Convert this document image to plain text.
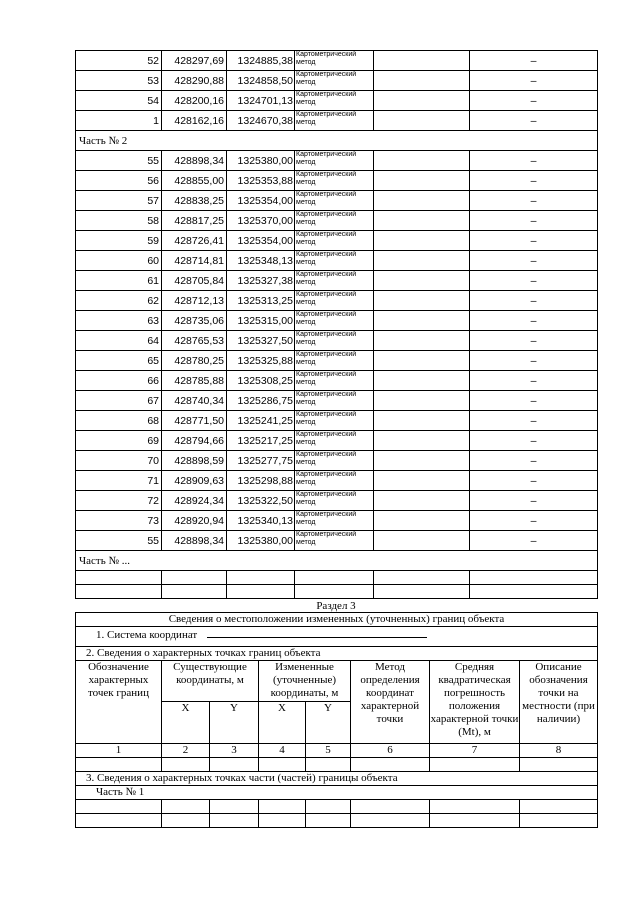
52	428297,69	1324885,38	Картометрический метод		–
53	428290,88	1324858,50	Картометрический метод		–
54	428200,16	1324701,13	Картометрический метод		–
1	428162,16	1324670,38	Картометрический метод		–
Часть № 2					
55	428898,34	1325380,00	Картометрический метод		–
56	428855,00	1325353,88	Картометрический метод		–
57	428838,25	1325354,00	Картометрический метод		–
58	428817,25	1325370,00	Картометрический метод		–
59	428726,41	1325354,00	Картометрический метод		–
60	428714,81	1325348,13	Картометрический метод		–
61	428705,84	1325327,38	Картометрический метод		–
62	428712,13	1325313,25	Картометрический метод		–
63	428735,06	1325315,00	Картометрический метод		–
64	428765,53	1325327,50	Картометрический метод		–
65	428780,25	1325325,88	Картометрический метод		–
66	428785,88	1325308,25	Картометрический метод		–
67	428740,34	1325286,75	Картометрический метод		–
68	428771,50	1325241,25	Картометрический метод		–
69	428794,66	1325217,25	Картометрический метод		–
70	428898,59	1325277,75	Картометрический метод		–
71	428909,63	1325298,88	Картометрический метод		–
72	428924,34	1325322,50	Картометрический метод		–
73	428920,94	1325340,13	Картометрический метод		–
55	428898,34	1325380,00	Картометрический метод		–
Часть № ...					

Раздел 3
Сведения о местоположении измененных (уточненных) границ объекта							
1. Система координат							
2. Сведения о характерных точках границ объекта							
Обозначение характерных точек границ	Существующие координаты, м		Измененные (уточненные) координаты, м		Метод определения координат характерной точки	Средняя квадратическая погрешность положения характерной точки (Mt), м	Описание обозначения точки на местности (при наличии)
	X	Y	X	Y			
1	2	3	4	5	6	7	8

3. Сведения о характерных точках части (частей) границы объекта							
Часть № 1							
